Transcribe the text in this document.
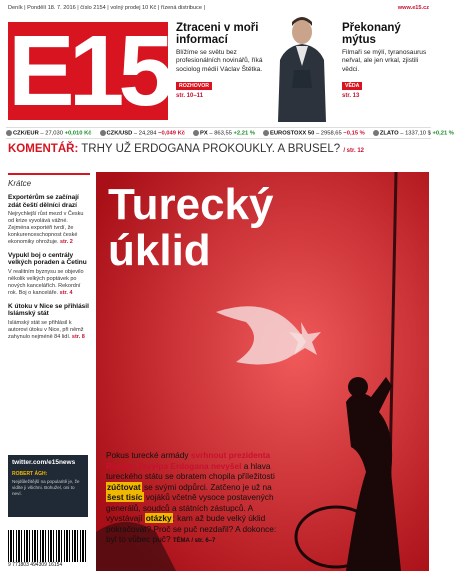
Deník | Pondělí 18. 7. 2016 | číslo 2154 | volný prodej 10 Kč | řízená distribuce |	www.e15.cz
E15 Ztraceni v moři informací
Blížíme se světu bez profesionálních novinářů, říká sociolog médií Václav Štětka.
ROZHOVOR
str. 10–11
Překonaný mýtus
Filmaři se mýlí, tyranosaurus neřval, ale jen vrkal, zjistili vědci.
VĚDA
str. 13
CZK/EUR – 27,030 +0,010 Kč	CZK/USD – 24,284 −0,049 Kč	PX – 863,55 +2,21 %	EUROSTOXX 50 – 2958,65 −0,15 %	ZLATO – 1337,10 $ +0,21 %
KOMENTÁŘ: TRHY UŽ ERDOGANA PROKOUKLY. A BRUSEL? / str. 12
Krátce
Exportérům se začínají zdát čeští dělníci drazí
Nejrychlejší růst mezd v Česku od krize vyvolává vážné. Zejména exportéři tvrdí, že konkurenceschopnost české ekonomiky ohrožuje. str. 2
Vypukl boj o centrály velkých poraden a Četinu
V realitním byznysu se objevilo několik velkých poptávek po nových kancelářích. Rekordní rok. Boj o kanceláře. str. 4
K útoku v Nice se přihlásil Islámský stát
Islámský stát se přihlásil k autorovi útoku v Nice, při němž zahynulo nejméně 84 lidí. str. 8
twitter.com/e15news
ROBERT ÁGH:
Nejdůležitější na popularitě je, že vidíte ji všichni. Bohužel, oni to neví.
9 771803 494309 16154
Turecký
úklid
Pokus turecké armády svrhnout prezidenta Recepa Tayyipa Erdogana nevyšel a hlava tureckého státu se obratem chopila příležitosti zúčtovat se svými odpůrci. Zatčeno je už na šest tisíc vojáků včetně vysoce postavených generálů, soudců a státních zástupců. A vyvstávají otázky: kam až bude velký úklid pokračovat? Proč se puč nezdařil? A dokonce: byl to vůbec puč? TÉMA / str. 6–7
